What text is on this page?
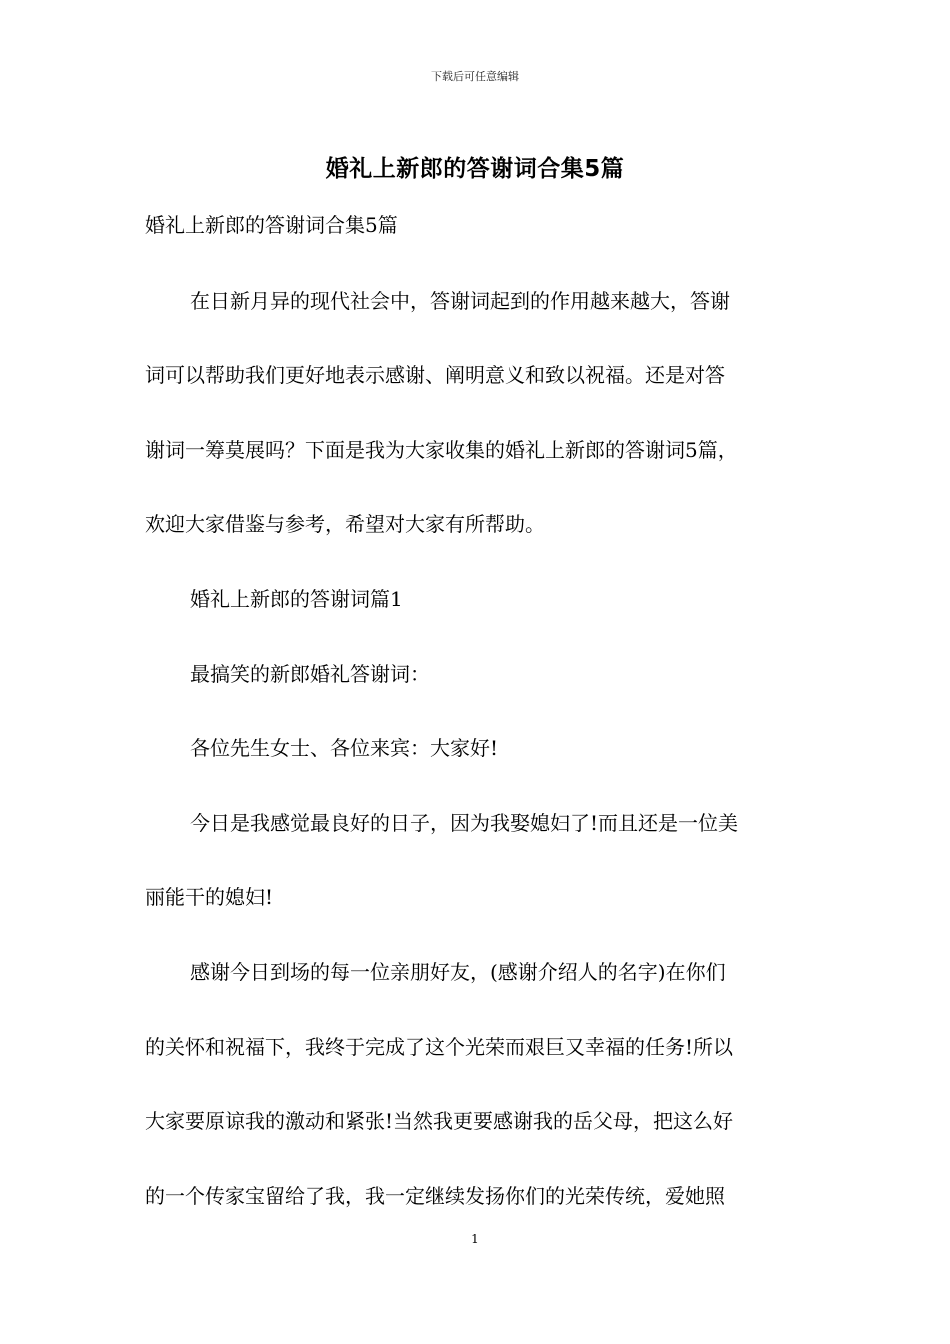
下载后可任意编辑
婚礼上新郎的答谢词合集5篇
婚礼上新郎的答谢词合集5篇
在日新月异的现代社会中，答谢词起到的作用越来越大，答谢
词可以帮助我们更好地表示感谢、阐明意义和致以祝福。还是对答
谢词一筹莫展吗？下面是我为大家收集的婚礼上新郎的答谢词5篇，
欢迎大家借鉴与参考，希望对大家有所帮助。
婚礼上新郎的答谢词篇1
最搞笑的新郎婚礼答谢词：
各位先生女士、各位来宾：大家好!
今日是我感觉最良好的日子，因为我娶媳妇了!而且还是一位美
丽能干的媳妇!
感谢今日到场的每一位亲朋好友，(感谢介绍人的名字)在你们
的关怀和祝福下，我终于完成了这个光荣而艰巨又幸福的任务!所以
大家要原谅我的激动和紧张!当然我更要感谢我的岳父母，把这么好
的一个传家宝留给了我，我一定继续发扬你们的光荣传统，爱她照
1
